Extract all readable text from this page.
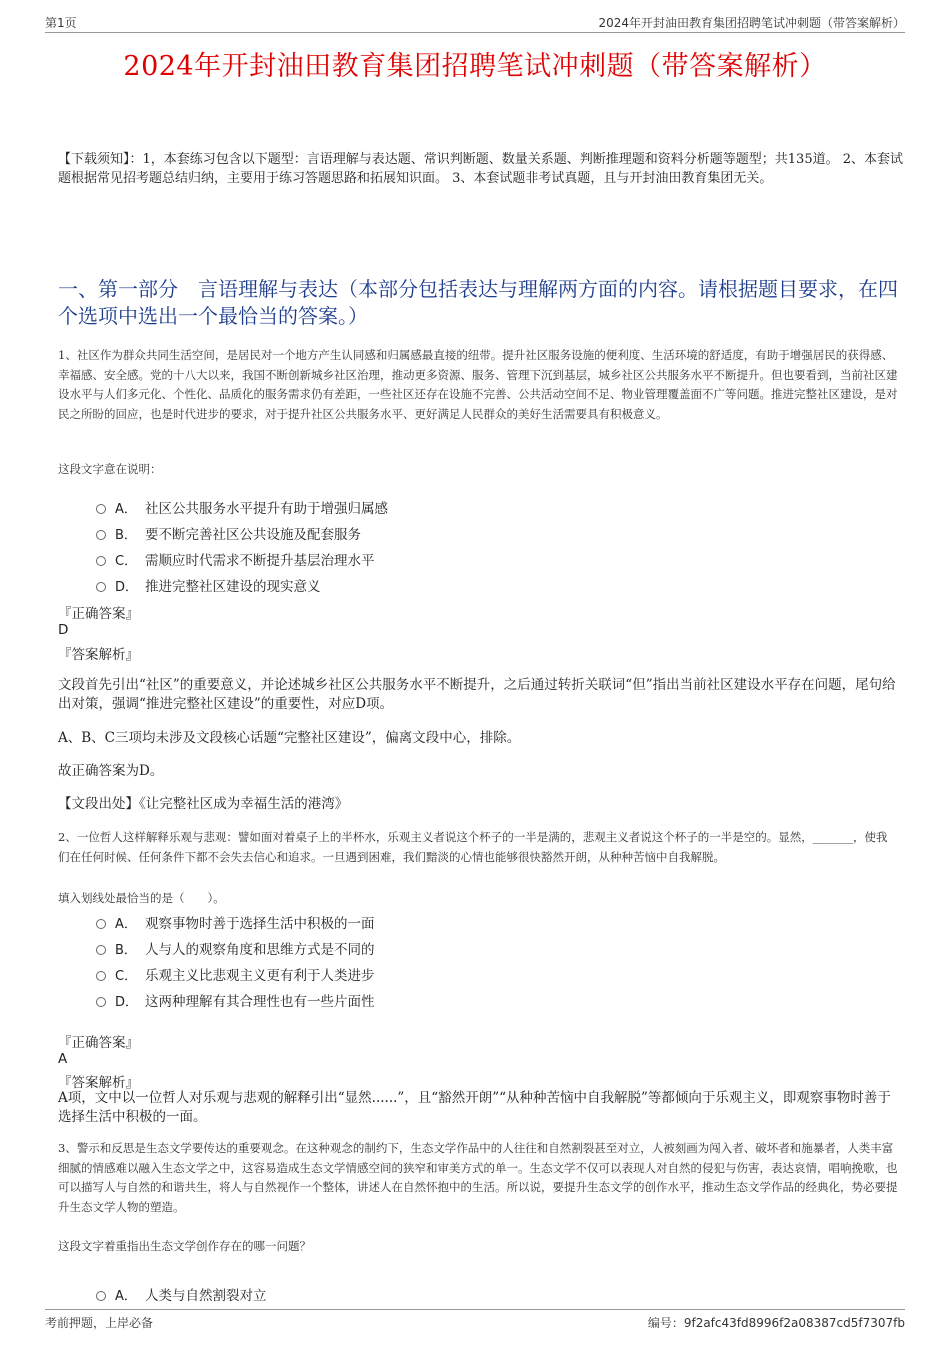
第1页	2024年开封油田教育集团招聘笔试冲刺题（带答案解析）
2024年开封油田教育集团招聘笔试冲刺题（带答案解析）
【下载须知】：1，本套练习包含以下题型：言语理解与表达题、常识判断题、数量关系题、判断推理题和资料分析题等题型；共135道。 2、本套试题根据常见招考题总结归纳，主要用于练习答题思路和拓展知识面。 3、本套试题非考试真题，且与开封油田教育集团无关。
一、第一部分　言语理解与表达（本部分包括表达与理解两方面的内容。请根据题目要求，在四个选项中选出一个最恰当的答案。）
1、社区作为群众共同生活空间，是居民对一个地方产生认同感和归属感最直接的纽带。提升社区服务设施的便利度、生活环境的舒适度，有助于增强居民的获得感、幸福感、安全感。党的十八大以来，我国不断创新城乡社区治理，推动更多资源、服务、管理下沉到基层，城乡社区公共服务水平不断提升。但也要看到，当前社区建设水平与人们多元化、个性化、品质化的服务需求仍有差距，一些社区还存在设施不完善、公共活动空间不足、物业管理覆盖面不广等问题。推进完整社区建设，是对民之所盼的回应，也是时代进步的要求，对于提升社区公共服务水平、更好满足人民群众的美好生活需要具有积极意义。
这段文字意在说明：
A． 社区公共服务水平提升有助于增强归属感
B． 要不断完善社区公共设施及配套服务
C． 需顺应时代需求不断提升基层治理水平
D． 推进完整社区建设的现实意义
『正确答案』
D
『答案解析』
文段首先引出“社区”的重要意义，并论述城乡社区公共服务水平不断提升，之后通过转折关联词“但”指出当前社区建设水平存在问题，尾句给出对策，强调“推进完整社区建设”的重要性，对应D项。
A、B、C三项均未涉及文段核心话题“完整社区建设”，偏离文段中心，排除。
故正确答案为D。
【文段出处】《让完整社区成为幸福生活的港湾》
2、一位哲人这样解释乐观与悲观：譬如面对着桌子上的半杯水，乐观主义者说这个杯子的一半是满的，悲观主义者说这个杯子的一半是空的。显然，_______，使我们在任何时候、任何条件下都不会失去信心和追求。一旦遇到困难，我们黯淡的心情也能够很快豁然开朗，从种种苦恼中自我解脱。
填入划线处最恰当的是（　　）。
A． 观察事物时善于选择生活中积极的一面
B． 人与人的观察角度和思维方式是不同的
C． 乐观主义比悲观主义更有利于人类进步
D． 这两种理解有其合理性也有一些片面性
『正确答案』
A
『答案解析』
A项，文中以一位哲人对乐观与悲观的解释引出“显然......”，且“豁然开朗”“从种种苦恼中自我解脱”等都倾向于乐观主义，即观察事物时善于选择生活中积极的一面。
3、警示和反思是生态文学要传达的重要观念。在这种观念的制约下，生态文学作品中的人往往和自然割裂甚至对立，人被刻画为闯入者、破坏者和施暴者，人类丰富细腻的情感难以融入生态文学之中，这容易造成生态文学情感空间的狭窄和审美方式的单一。生态文学不仅可以表现人对自然的侵犯与伤害，表达哀情，唱响挽歌，也可以描写人与自然的和谐共生，将人与自然视作一个整体，讲述人在自然怀抱中的生活。所以说，要提升生态文学的创作水平，推动生态文学作品的经典化，势必要提升生态文学人物的塑造。
这段文字着重指出生态文学创作存在的哪一问题？
A． 人类与自然割裂对立
考前押题，上岸必备	编号：9f2afc43fd8996f2a08387cd5f7307fb
